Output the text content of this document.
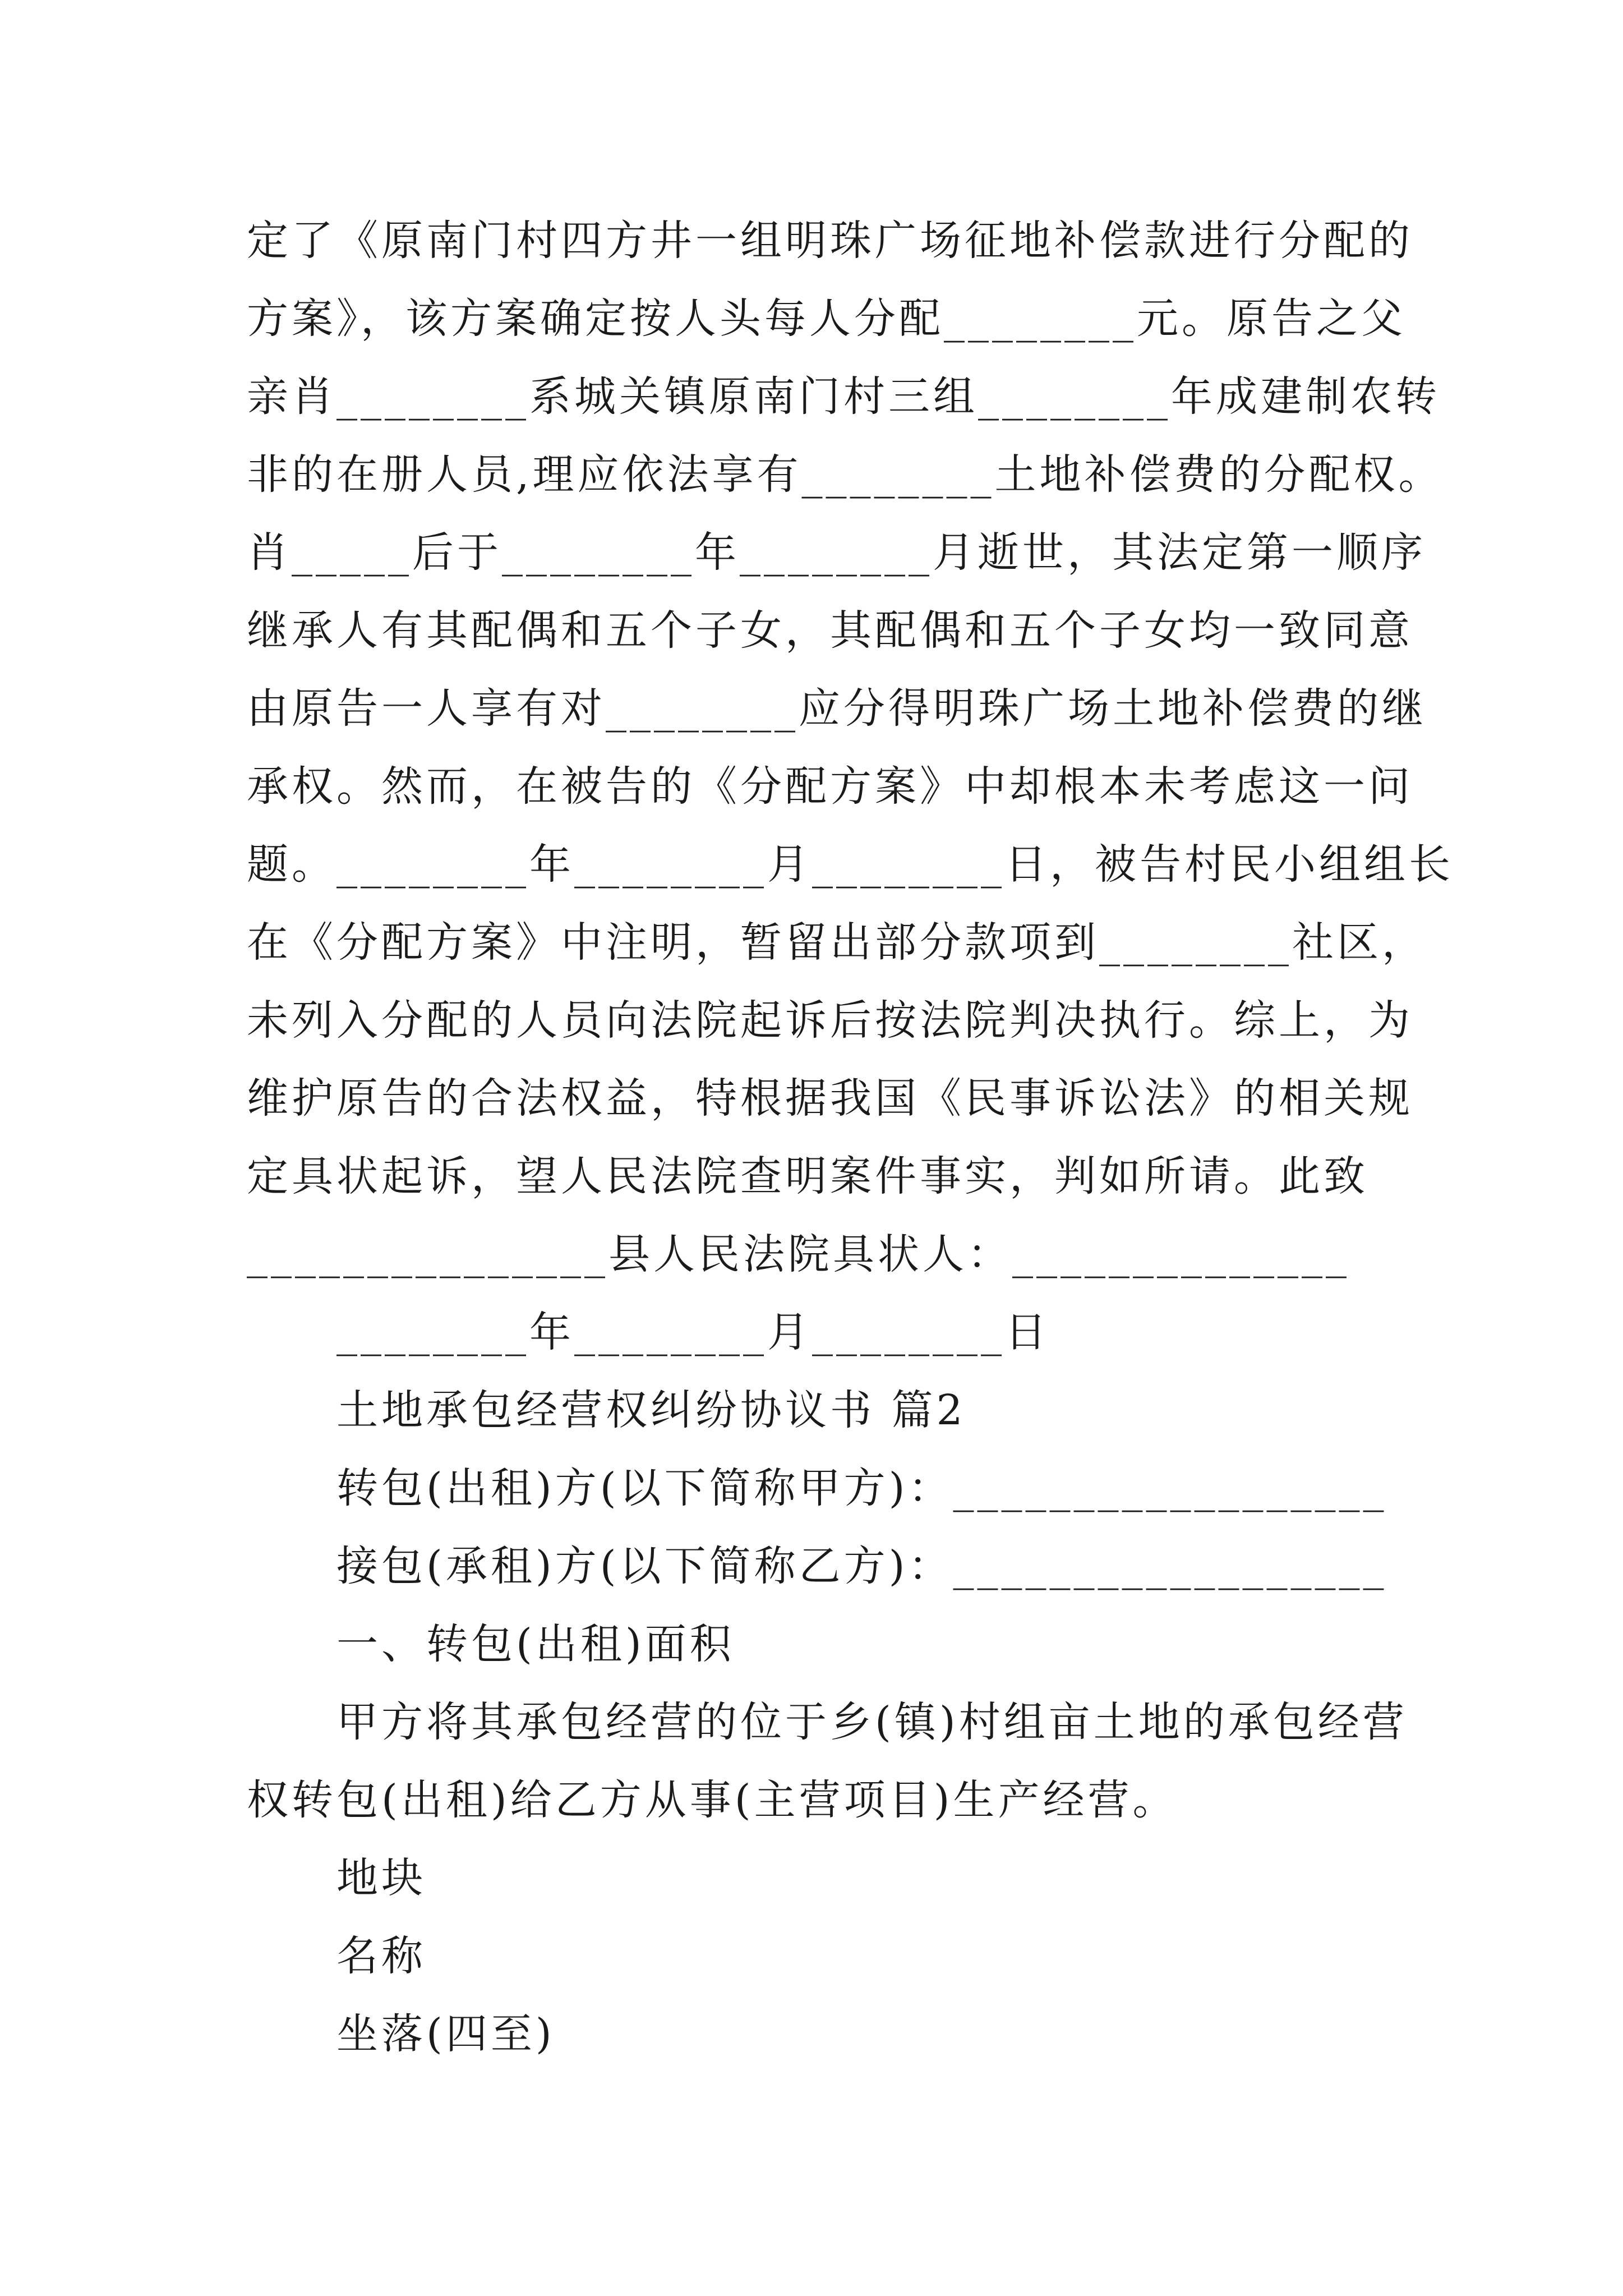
定了《原南门村四方井一组明珠广场征地补偿款进行分配的
方案》，该方案确定按人头每人分配________元。原告之父
亲肖________系城关镇原南门村三组________年成建制农转
非的在册人员,理应依法享有________土地补偿费的分配权。
肖_____后于________年________月逝世，其法定第一顺序
继承人有其配偶和五个子女，其配偶和五个子女均一致同意
由原告一人享有对________应分得明珠广场土地补偿费的继
承权。然而，在被告的《分配方案》中却根本未考虑这一问
题。________年________月________日，被告村民小组组长
在《分配方案》中注明，暂留出部分款项到________社区，
未列入分配的人员向法院起诉后按法院判决执行。综上，为
维护原告的合法权益，特根据我国《民事诉讼法》的相关规
定具状起诉，望人民法院查明案件事实，判如所请。此致
_______________县人民法院具状人：______________
________年________月________日
土地承包经营权纠纷协议书 篇2
转包(出租)方(以下简称甲方)：__________________
接包(承租)方(以下简称乙方)：__________________
一、转包(出租)面积
甲方将其承包经营的位于乡(镇)村组亩土地的承包经营
权转包(出租)给乙方从事(主营项目)生产经营。
地块
名称
坐落(四至)
